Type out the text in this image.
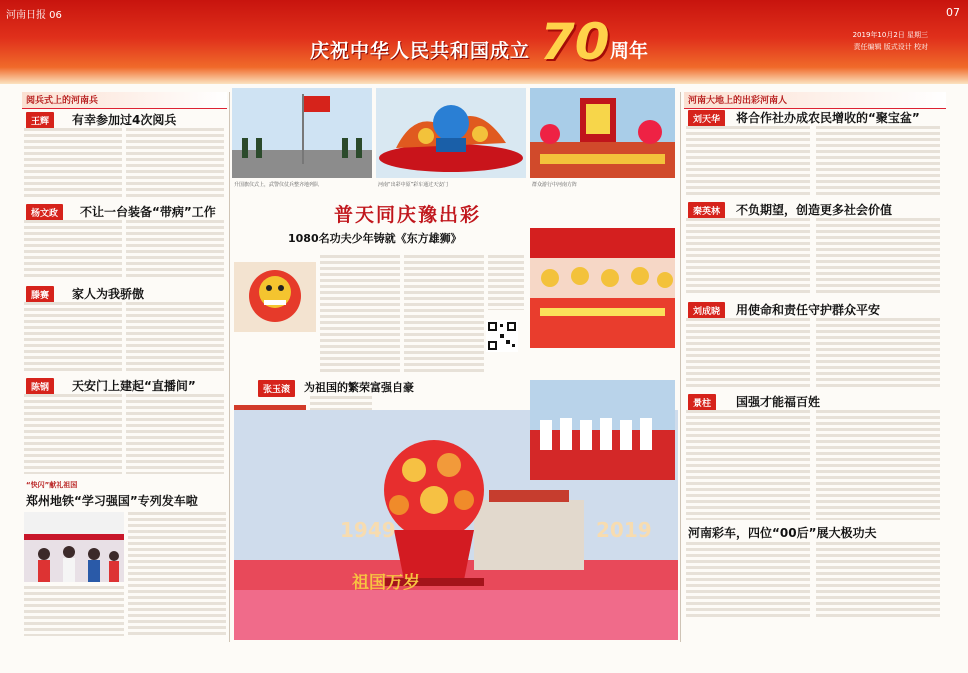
河南日报 06	07
庆祝中华人民共和国成立 70 周年
2019年10月2日 星期三
责任编辑 版式设计 校对
阅兵式上的河南兵
王辉	有幸参加过4次阅兵
杨文政	不让一台装备“带病”工作
滕赛	家人为我骄傲
陈钢	天安门上建起“直播间”
“快闪”献礼祖国
郑州地铁“学习强国”专列发车啦
升国旗仪式上，武警仪仗兵整齐地列队	河南“出彩中原”彩车通过天安门	群众游行中河南方阵
普天同庆豫出彩
1080名功夫少年铸就《东方雄狮》
张玉滚	为祖国的繁荣富强自豪
1949	2019
祖国万岁
河南大地上的出彩河南人
刘天华	将合作社办成农民增收的“聚宝盆”
秦英林	不负期望，创造更多社会价值
刘成晓	用使命和责任守护群众平安
景柱	国强才能福百姓
河南彩车，四位“00后”展大极功夫
